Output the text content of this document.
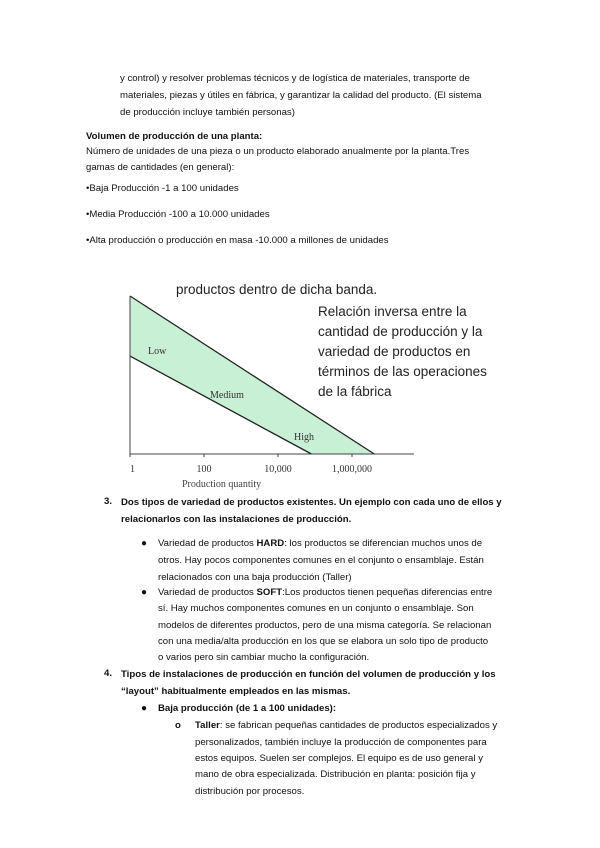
y control) y resolver problemas técnicos y de logística de materiales, transporte de
materiales, piezas y útiles en fábrica, y garantizar la calidad del producto. (El sistema
de producción incluye también personas)
Volumen de producción de una planta:
Número de unidades de una pieza o un producto elaborado anualmente por la planta.Tres
gamas de cantidades (en general):
•Baja Producción -1 a 100 unidades
•Media Producción -100 a 10.000 unidades
•Alta producción o producción en masa -10.000 a millones de unidades
productos dentro de dicha banda.
Relación inversa entre la
cantidad de producción y la
variedad de productos en
términos de las operaciones
de la fábrica
1	100	10,000	1,000,000
Low
Medium
High
Production quantity
3. Dos tipos de variedad de productos existentes. Un ejemplo con cada uno de ellos y
relacionarlos con las instalaciones de producción.
● Variedad de productos HARD: los productos se diferencian muchos unos de
otros. Hay pocos componentes comunes en el conjunto o ensamblaje. Están
relacionados con una baja producción (Taller)
● Variedad de productos SOFT:Los productos tienen pequeñas diferencias entre
sí. Hay muchos componentes comunes en un conjunto o ensamblaje. Son
modelos de diferentes productos, pero de una misma categoría. Se relacionan
con una media/alta producción en los que se elabora un solo tipo de producto
o varios pero sin cambiar mucho la configuración.
4. Tipos de instalaciones de producción en función del volumen de producción y los
“layout” habitualmente empleados en las mismas.
● Baja producción (de 1 a 100 unidades):
o Taller: se fabrican pequeñas cantidades de productos especializados y
personalizados, también incluye la producción de componentes para
estos equipos. Suelen ser complejos. El equipo es de uso general y
mano de obra especializada. Distribución en planta: posición fija y
distribución por procesos.
